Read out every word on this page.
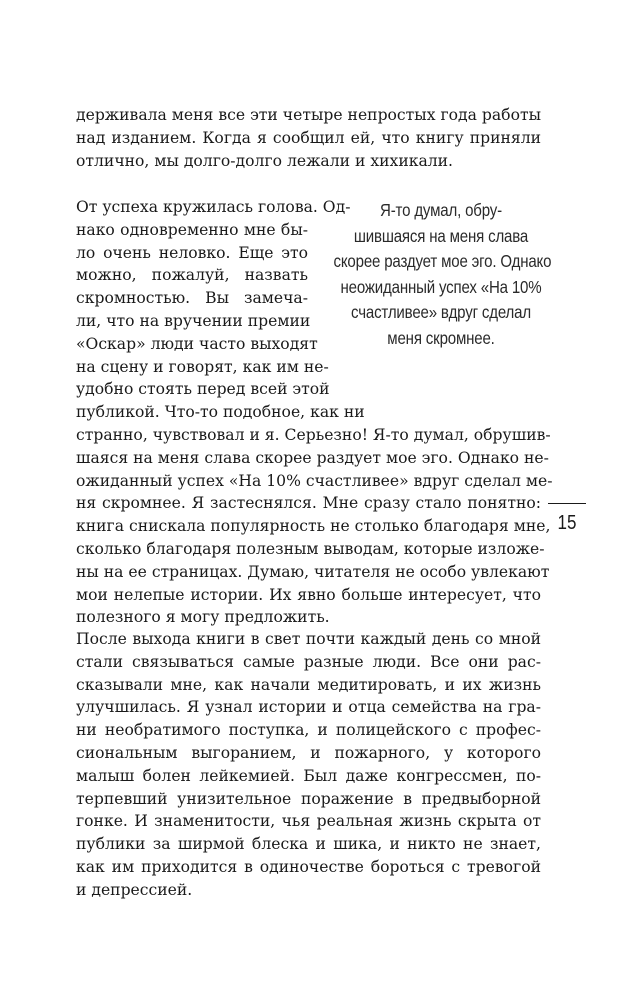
держивала меня все эти четыре непростых года работы
над изданием. Когда я сообщил ей, что книгу приняли
отлично, мы долго-долго лежали и хихикали.
От успеха кружилась голова. Од-
нако одновременно мне бы-
ло очень неловко. Еще это
можно, пожалуй, назвать
скромностью. Вы замеча-
ли, что на вручении премии
«Оскар» люди часто выходят
на сцену и говорят, как им не-
удобно стоять перед всей этой
публикой. Что-то подобное, как ни
странно, чувствовал и я. Серьезно! Я-то думал, обрушив-
шаяся на меня слава скорее раздует мое эго. Однако не-
ожиданный успех «На 10% счастливее» вдруг сделал ме-
ня скромнее. Я застеснялся. Мне сразу стало понятно:
книга снискала популярность не столько благодаря мне,
сколько благодаря полезным выводам, которые изложе-
ны на ее страницах. Думаю, читателя не особо увлекают
мои нелепые истории. Их явно больше интересует, что
полезного я могу предложить.
Я-то думал, обру-
шившаяся на меня слава
скорее раздует мое эго. Однако
неожиданный успех «На 10%
счастливее» вдруг сделал
меня скромнее.
После выхода книги в свет почти каждый день со мной
стали связываться самые разные люди. Все они рас-
сказывали мне, как начали медитировать, и их жизнь
улучшилась. Я узнал истории и отца семейства на гра-
ни необратимого поступка, и полицейского с профес-
сиональным выгоранием, и пожарного, у которого
малыш болен лейкемией. Был даже конгрессмен, по-
терпевший унизительное поражение в предвыборной
гонке. И знаменитости, чья реальная жизнь скрыта от
публики за ширмой блеска и шика, и никто не знает,
как им приходится в одиночестве бороться с тревогой
и депрессией.
15
